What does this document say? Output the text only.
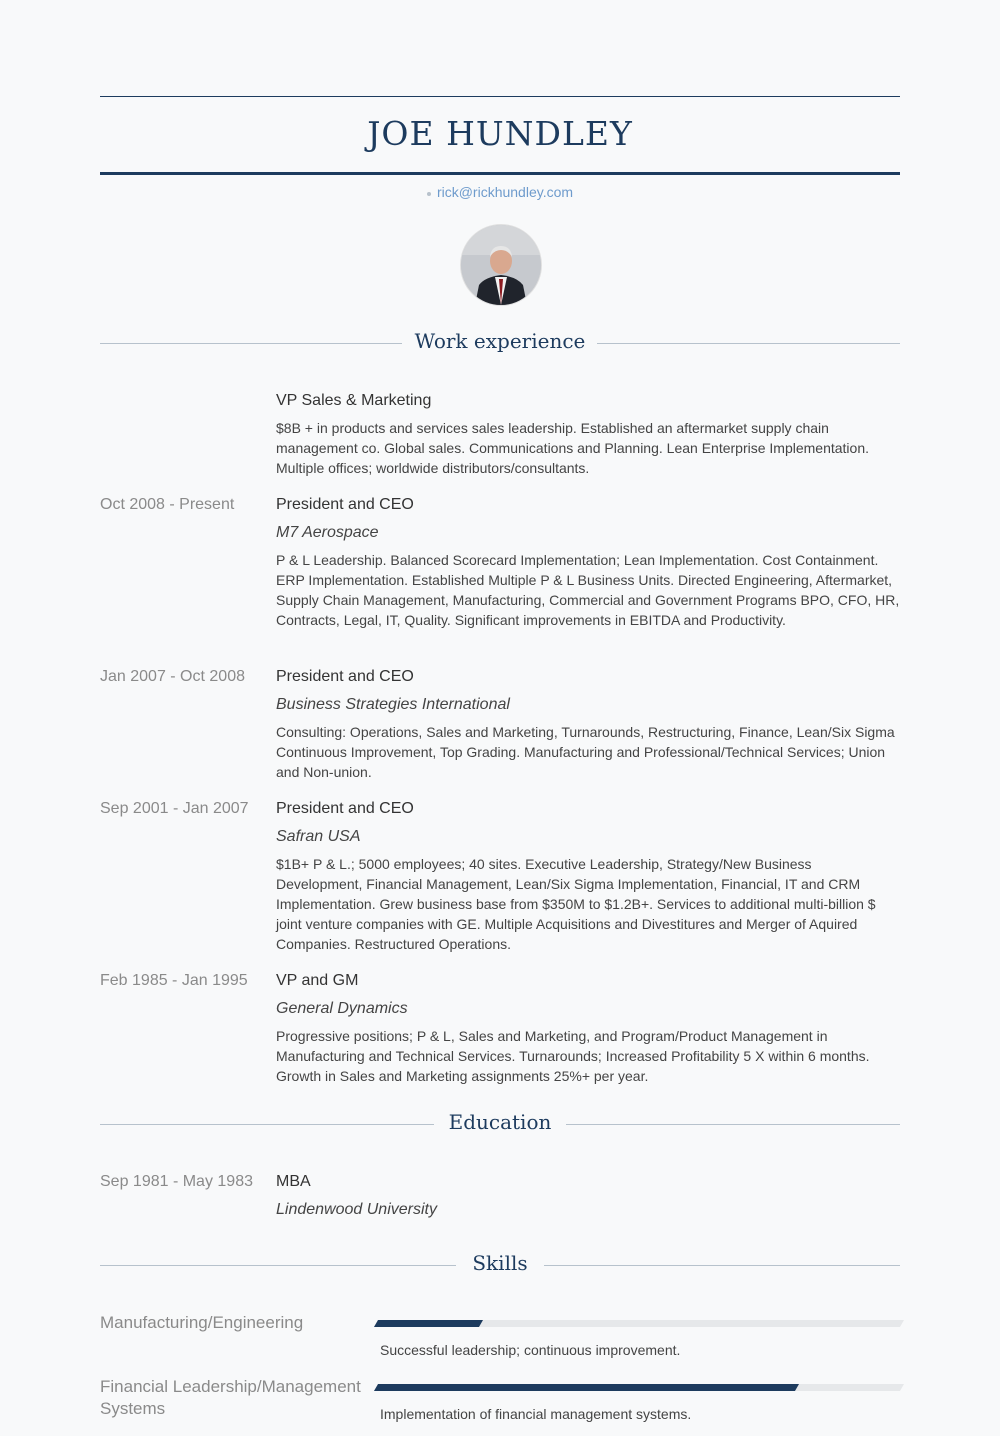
JOE HUNDLEY
rick@rickhundley.com
Work experience
VP Sales & Marketing
$8B + in products and services sales leadership. Established an aftermarket supply chain management co. Global sales. Communications and Planning. Lean Enterprise Implementation. Multiple offices; worldwide distributors/consultants.
Oct 2008 - Present	President and CEO
M7 Aerospace
P & L Leadership. Balanced Scorecard Implementation; Lean Implementation. Cost Containment. ERP Implementation. Established Multiple P & L Business Units. Directed Engineering, Aftermarket, Supply Chain Management, Manufacturing, Commercial and Government Programs BPO, CFO, HR, Contracts, Legal, IT, Quality. Significant improvements in EBITDA and Productivity.
Jan 2007 - Oct 2008	President and CEO
Business Strategies International
Consulting: Operations, Sales and Marketing, Turnarounds, Restructuring, Finance, Lean/Six Sigma Continuous Improvement, Top Grading. Manufacturing and Professional/Technical Services; Union and Non-union.
Sep 2001 - Jan 2007	President and CEO
Safran USA
$1B+ P & L.; 5000 employees; 40 sites. Executive Leadership, Strategy/New Business Development, Financial Management, Lean/Six Sigma Implementation, Financial, IT and CRM Implementation. Grew business base from $350M to $1.2B+. Services to additional multi-billion $ joint venture companies with GE. Multiple Acquisitions and Divestitures and Merger of Aquired Companies. Restructured Operations.
Feb 1985 - Jan 1995	VP and GM
General Dynamics
Progressive positions; P & L, Sales and Marketing, and Program/Product Management in Manufacturing and Technical Services. Turnarounds; Increased Profitability 5 X within 6 months. Growth in Sales and Marketing assignments 25%+ per year.
Education
Sep 1981 - May 1983	MBA
Lindenwood University
Skills
Manufacturing/Engineering
Successful leadership; continuous improvement.
Financial Leadership/Management Systems	Implementation of financial management systems.
